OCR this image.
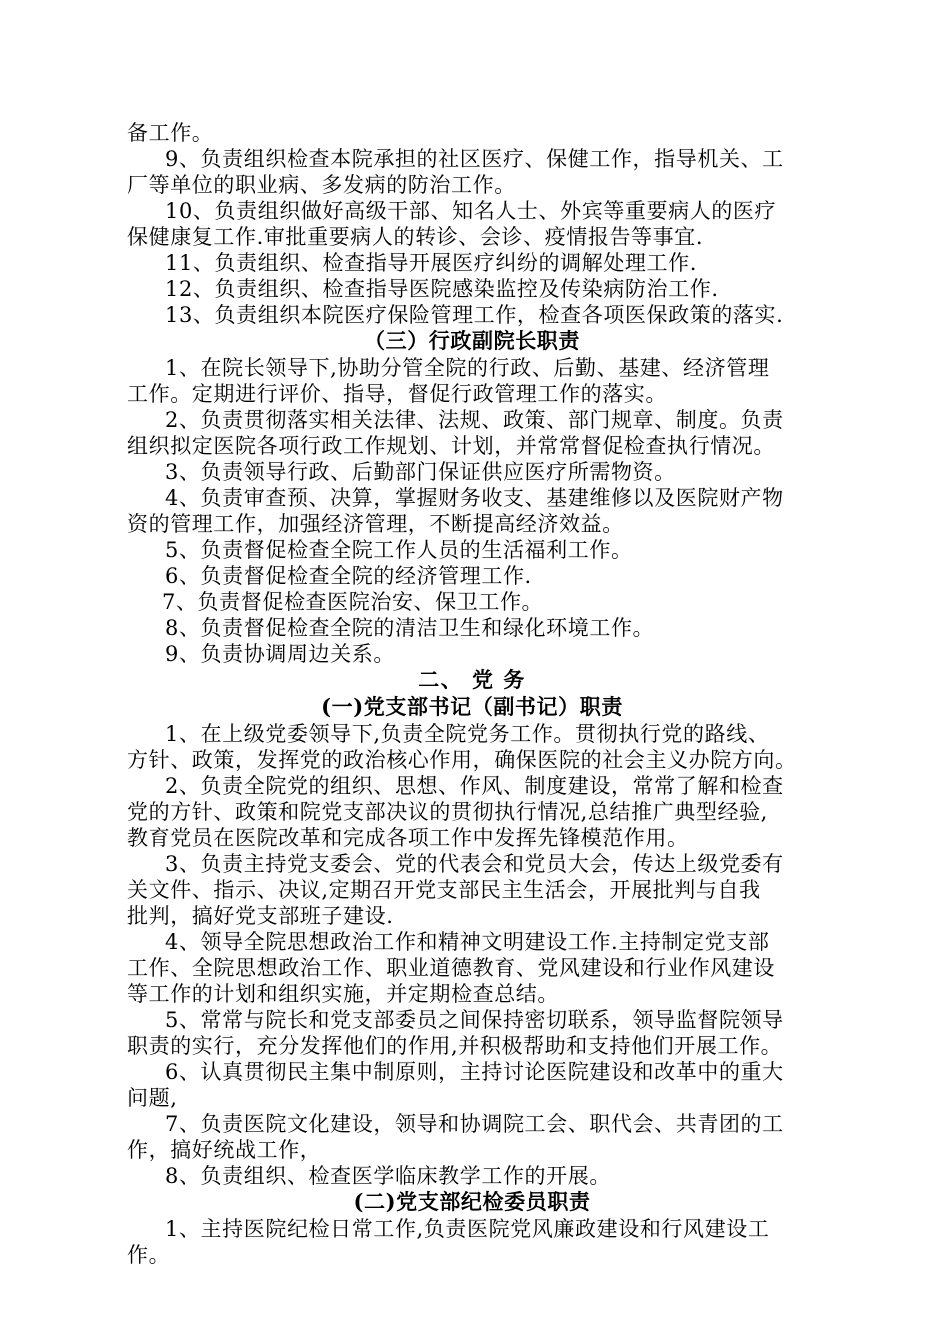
备工作。
9、负责组织检查本院承担的社区医疗、保健工作，指导机关、工
厂等单位的职业病、多发病的防治工作。
10、负责组织做好高级干部、知名人士、外宾等重要病人的医疗
保健康复工作.审批重要病人的转诊、会诊、疫情报告等事宜.
11、负责组织、检查指导开展医疗纠纷的调解处理工作.
12、负责组织、检查指导医院感染监控及传染病防治工作.
13、负责组织本院医疗保险管理工作，检查各项医保政策的落实.
（三）行政副院长职责
1、在院长领导下,协助分管全院的行政、后勤、基建、经济管理
工作。定期进行评价、指导，督促行政管理工作的落实。
2、负责贯彻落实相关法律、法规、政策、部门规章、制度。负责
组织拟定医院各项行政工作规划、计划，并常常督促检查执行情况。
3、负责领导行政、后勤部门保证供应医疗所需物资。
4、负责审查预、决算，掌握财务收支、基建维修以及医院财产物
资的管理工作，加强经济管理，不断提高经济效益。
5、负责督促检查全院工作人员的生活福利工作。
6、负责督促检查全院的经济管理工作.
7、负责督促检查医院治安、保卫工作。
8、负责督促检查全院的清洁卫生和绿化环境工作。
9、负责协调周边关系。
二、 党 务
(一)党支部书记（副书记）职责
1、在上级党委领导下,负责全院党务工作。贯彻执行党的路线、
方针、政策，发挥党的政治核心作用，确保医院的社会主义办院方向。
2、负责全院党的组织、思想、作风、制度建设，常常了解和检查
党的方针、政策和院党支部决议的贯彻执行情况,总结推广典型经验,
教育党员在医院改革和完成各项工作中发挥先锋模范作用。
3、负责主持党支委会、党的代表会和党员大会，传达上级党委有
关文件、指示、决议,定期召开党支部民主生活会，开展批判与自我
批判，搞好党支部班子建设.
4、领导全院思想政治工作和精神文明建设工作.主持制定党支部
工作、全院思想政治工作、职业道德教育、党风建设和行业作风建设
等工作的计划和组织实施，并定期检查总结。
5、常常与院长和党支部委员之间保持密切联系，领导监督院领导
职责的实行，充分发挥他们的作用,并积极帮助和支持他们开展工作。
6、认真贯彻民主集中制原则，主持讨论医院建设和改革中的重大
问题,
7、负责医院文化建设，领导和协调院工会、职代会、共青团的工
作，搞好统战工作，
8、负责组织、检查医学临床教学工作的开展。
(二)党支部纪检委员职责
1、主持医院纪检日常工作,负责医院党风廉政建设和行风建设工
作。
